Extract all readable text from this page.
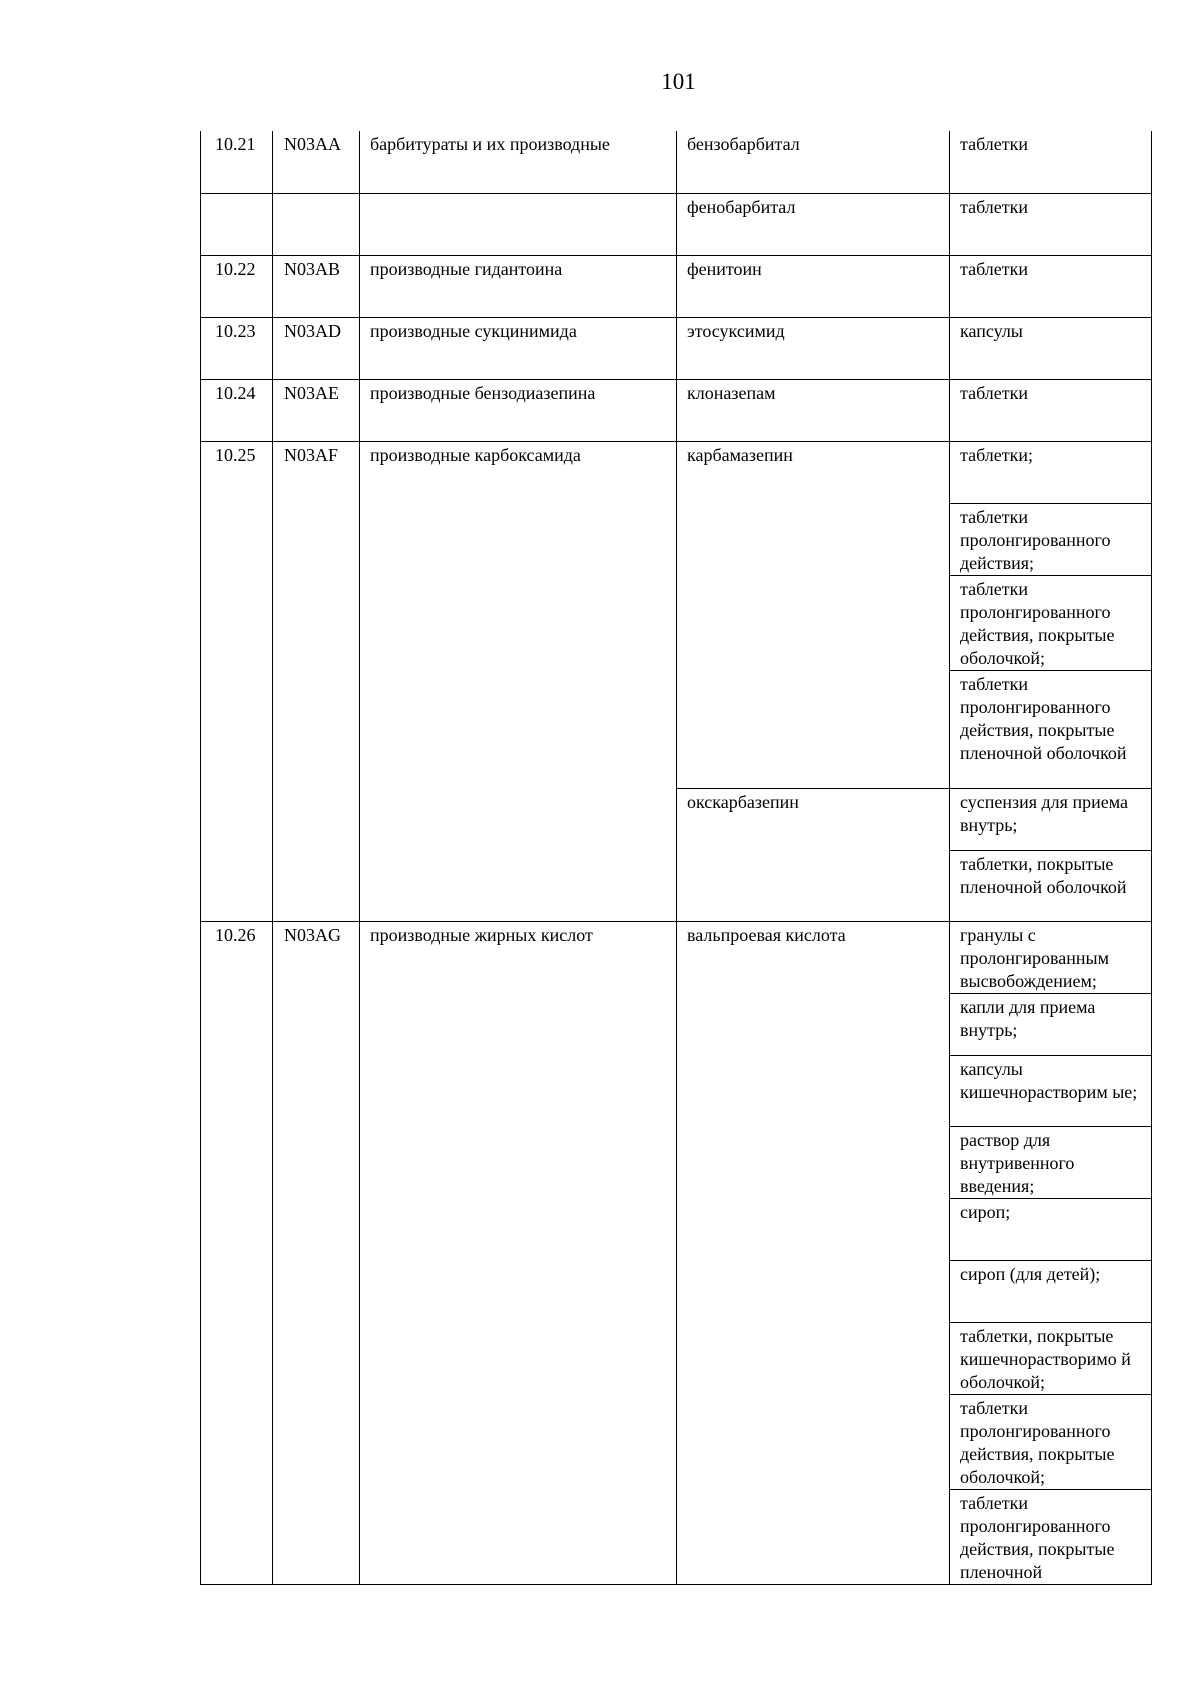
101
10.21	N03AA	барбитураты и их производные	бензобарбитал	таблетки
			фенобарбитал	таблетки
10.22	N03AB	производные гидантоина	фенитоин	таблетки
10.23	N03AD	производные сукцинимида	этосуксимид	капсулы
10.24	N03AE	производные бензодиазепина	клоназепам	таблетки
10.25	N03AF	производные карбоксамида	карбамазепин	таблетки;
				таблетки пролонгированного действия;
				таблетки пролонгированного действия, покрытые оболочкой;
				таблетки пролонгированного действия, покрытые пленочной оболочкой
			окскарбазепин	суспензия для приема внутрь;
				таблетки, покрытые пленочной оболочкой
10.26	N03AG	производные жирных кислот	вальпроевая кислота	гранулы с пролонгированным высвобождением;
				капли для приема внутрь;
				капсулы кишечнорастворим ые;
				раствор для внутривенного введения;
				сироп;
				сироп (для детей);
				таблетки, покрытые кишечнорастворимо й оболочкой;
				таблетки пролонгированного действия, покрытые оболочкой;
				таблетки пролонгированного действия, покрытые пленочной
